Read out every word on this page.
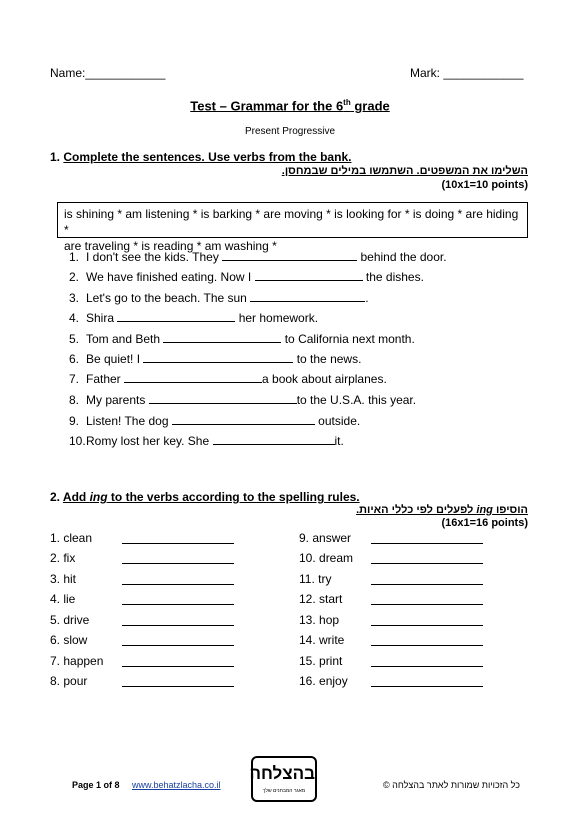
Name:____________	Mark: ____________
Test – Grammar for the 6th grade
Present Progressive
1. Complete the sentences. Use verbs from the bank.
השלימו את המשפטים. השתמשו במילים שבמחסן.
(10x1=10 points)
is shining * am listening * is barking * are moving * is looking for * is doing * are hiding *
are traveling * is reading * am washing *
1. I don't see the kids. They	behind the door.
2. We have finished eating. Now I	the dishes.
3. Let's go to the beach. The sun	.
4. Shira	her homework.
5. Tom and Beth	to California next month.
6. Be quiet! I	to the news.
7. Father	a book about airplanes.
8. My parents	to the U.S.A. this year.
9. Listen! The dog	outside.
10.Romy lost her key. She	it.
2. Add ing to the verbs according to the spelling rules.
הוסיפו ing לפעלים לפי כללי האיות.
(16x1=16 points)
1. clean
2. fix
3. hit
4. lie
5. drive
6. slow
7. happen
8. pour
9. answer
10. dream
11. try
12. start
13. hop
14. write
15. print
16. enjoy
Page 1 of 8 www.behatzlacha.co.il
בהצלחה
מאגר המבחנים שלך
כל הזכויות שמורות לאתר בהצלחה ©
